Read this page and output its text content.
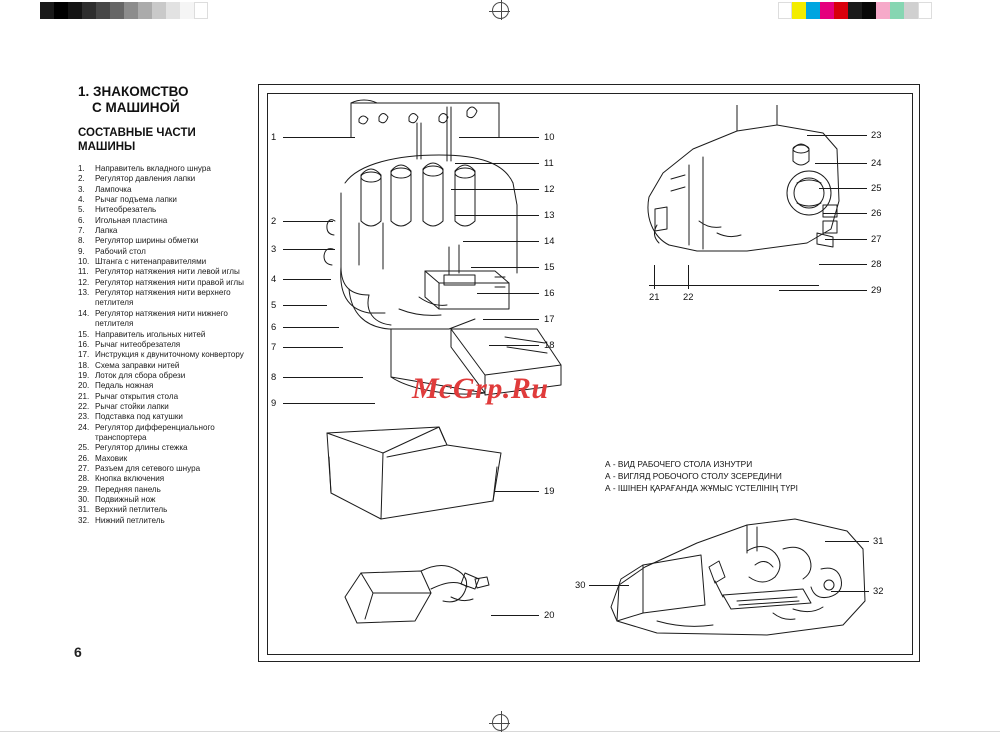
1. ЗНАКОМСТВО
С МАШИНОЙ
СОСТАВНЫЕ ЧАСТИ
МАШИНЫ
1.	Направитель вкладного шнура
2.	Регулятор давления лапки
3.	Лампочка
4.	Рычаг подъема лапки
5.	Нитеобрезатель
6.	Игольная пластина
7.	Лапка
8.	Регулятор ширины обметки
9.	Рабочий стол
10. Штанга с нитенаправителями
11. Регулятор натяжения нити левой иглы
12. Регулятор натяжения нити правой иглы
13. Регулятор натяжения нити верхнего петлителя
14. Регулятор натяжения нити нижнего петлителя
15. Направитель игольных нитей
16. Рычаг нитеобрезателя
17. Инструкция к двуниточному конвертору
18. Схема заправки нитей
19. Лоток для сбора обрези
20. Педаль ножная
21. Рычаг открытия стола
22. Рычаг стойки лапки
23. Подставка под катушки
24. Регулятор дифференциального транспортера
25. Регулятор длины стежка
26. Маховик
27. Разъем для сетевого шнура
28. Кнопка включения
29. Передняя панель
30. Подвижный нож
31. Верхний петлитель
32. Нижний петлитель
6
1
2
3
4
5
6
7
8
9
10
11
12
13
14
15
16
17
18
23
24
25
26
27
28
29
21	22
19
20
А - ВИД РАБОЧЕГО СТОЛА ИЗНУТРИ
А - ВИГЛЯД РОБОЧОГО СТОЛУ ЗСЕРЕДИНИ
А - ІШІНЕН ҚАРАҒАНДА ЖҰМЫС ҮСТЕЛІНІҢ ТҮРІ
30
31
32
McGrp.Ru
